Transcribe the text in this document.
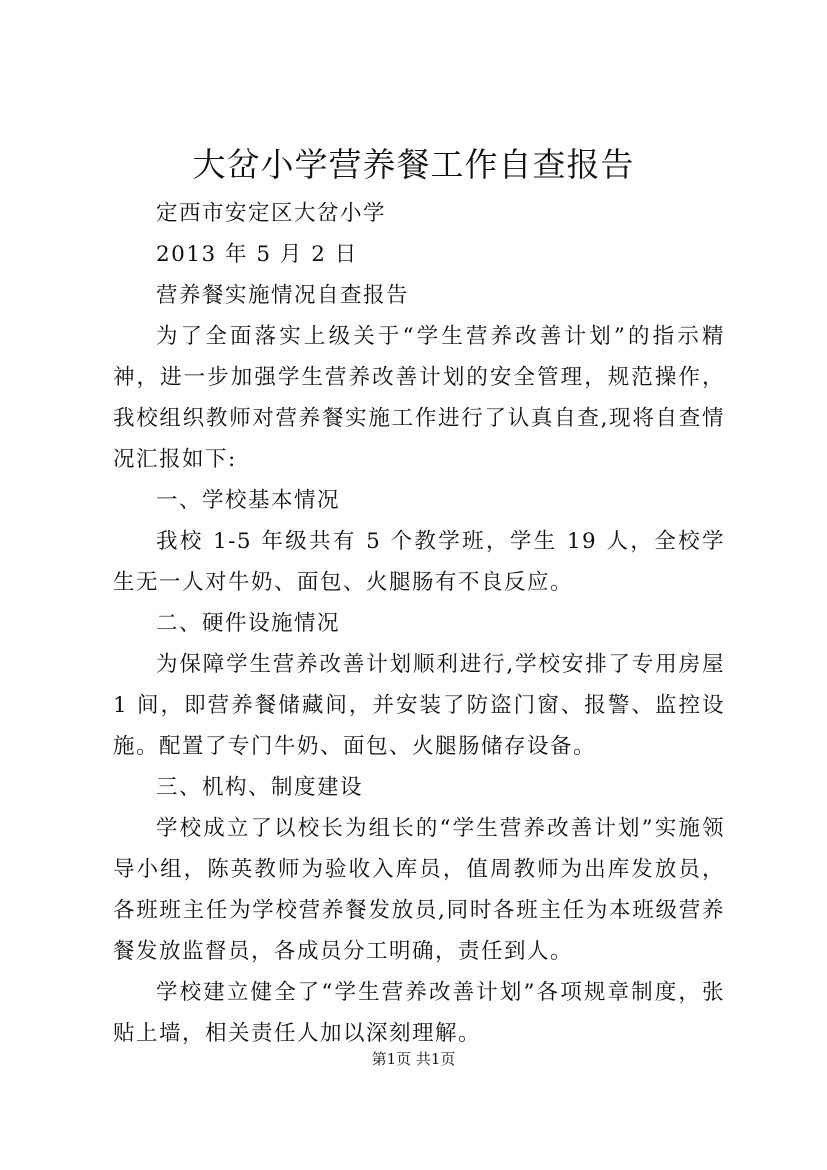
大岔小学营养餐工作自查报告

定西市安定区大岔小学

2013 年 5 月 2 日

营养餐实施情况自查报告

为了全面落实上级关于“学生营养改善计划”的指示精神，进一步加强学生营养改善计划的安全管理，规范操作，我校组织教师对营养餐实施工作进行了认真自查,现将自查情况汇报如下:

一、学校基本情况

我校 1-5 年级共有 5 个教学班，学生 19 人，全校学生无一人对牛奶、面包、火腿肠有不良反应。

二、硬件设施情况

为保障学生营养改善计划顺利进行,学校安排了专用房屋 1 间，即营养餐储藏间，并安装了防盗门窗、报警、监控设施。配置了专门牛奶、面包、火腿肠储存设备。

三、机构、制度建设

学校成立了以校长为组长的“学生营养改善计划”实施领导小组，陈英教师为验收入库员，值周教师为出库发放员，各班班主任为学校营养餐发放员,同时各班主任为本班级营养餐发放监督员，各成员分工明确，责任到人。

学校建立健全了“学生营养改善计划”各项规章制度，张贴上墙，相关责任人加以深刻理解。

第1页 共1页
